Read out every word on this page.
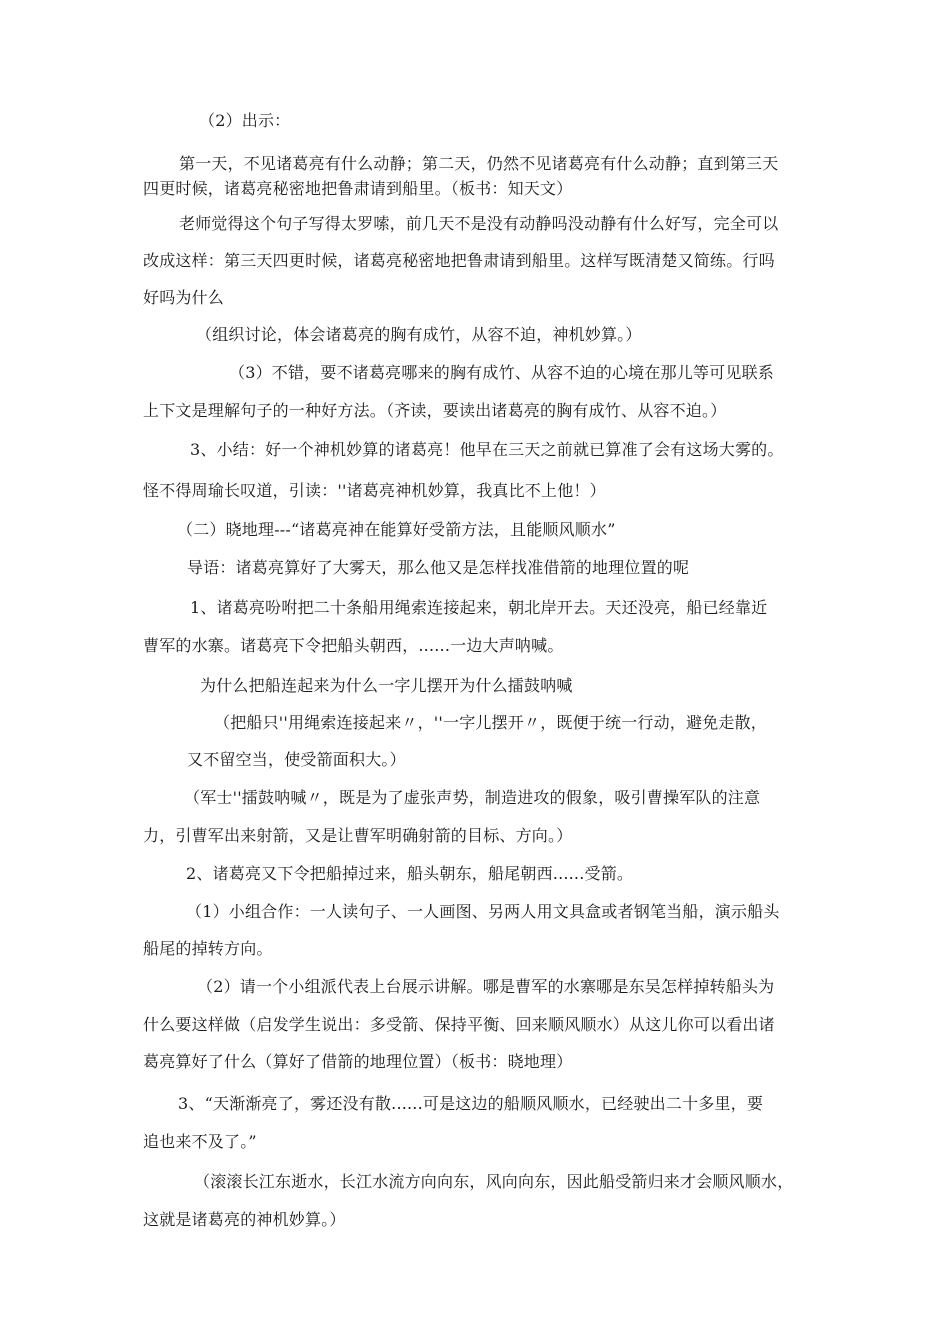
（2）出示：
第一天，不见诸葛亮有什么动静；第二天，仍然不见诸葛亮有什么动静；直到第三天
四更时候，诸葛亮秘密地把鲁肃请到船里。（板书：知天文）
老师觉得这个句子写得太罗嗦，前几天不是没有动静吗没动静有什么好写，完全可以
改成这样：第三天四更时候，诸葛亮秘密地把鲁肃请到船里。这样写既清楚又简练。行吗
好吗为什么
（组织讨论，体会诸葛亮的胸有成竹，从容不迫，神机妙算。）
（3）不错，要不诸葛亮哪来的胸有成竹、从容不迫的心境在那儿等可见联系
上下文是理解句子的一种好方法。（齐读，要读出诸葛亮的胸有成竹、从容不迫。）
3、小结：好一个神机妙算的诸葛亮！他早在三天之前就已算准了会有这场大雾的。
怪不得周瑜长叹道，引读：''诸葛亮神机妙算，我真比不上他！）
（二）晓地理---“诸葛亮神在能算好受箭方法，且能顺风顺水”
导语：诸葛亮算好了大雾天，那么他又是怎样找准借箭的地理位置的呢
1、诸葛亮吩咐把二十条船用绳索连接起来，朝北岸开去。天还没亮，船已经靠近
曹军的水寨。诸葛亮下令把船头朝西，......一边大声呐喊。
为什么把船连起来为什么一字儿摆开为什么擂鼓呐喊
（把船只''用绳索连接起来〃，''一字儿摆开〃，既便于统一行动，避免走散，
又不留空当，使受箭面积大。）
（军士''擂鼓呐喊〃，既是为了虚张声势，制造进攻的假象，吸引曹操军队的注意
力，引曹军出来射箭，又是让曹军明确射箭的目标、方向。）
2、诸葛亮又下令把船掉过来，船头朝东，船尾朝西......受箭。
（1）小组合作：一人读句子、一人画图、另两人用文具盒或者钢笔当船，演示船头
船尾的掉转方向。
（2）请一个小组派代表上台展示讲解。哪是曹军的水寨哪是东吴怎样掉转船头为
什么要这样做（启发学生说出：多受箭、保持平衡、回来顺风顺水）从这儿你可以看出诸
葛亮算好了什么（算好了借箭的地理位置）（板书：晓地理）
3、“天渐渐亮了，雾还没有散......可是这边的船顺风顺水，已经驶出二十多里，要
追也来不及了。”
（滚滚长江东逝水，长江水流方向向东，风向向东，因此船受箭归来才会顺风顺水，
这就是诸葛亮的神机妙算。）
